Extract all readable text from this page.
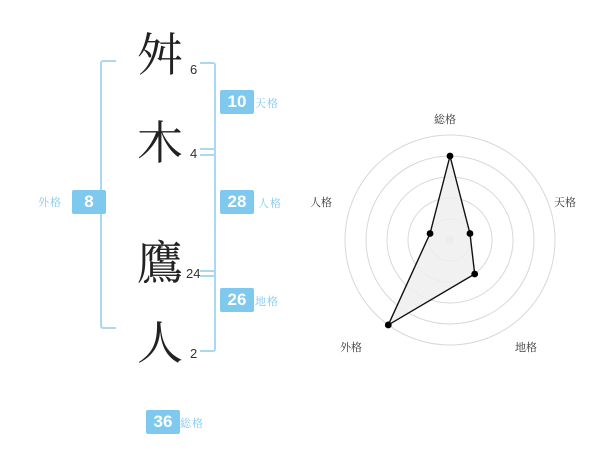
8
外格
舛 6
木 4
鷹 24
人 2
10 天格
28	人格
26 地格
36 総格
総格
天格
地格
外格
人格
